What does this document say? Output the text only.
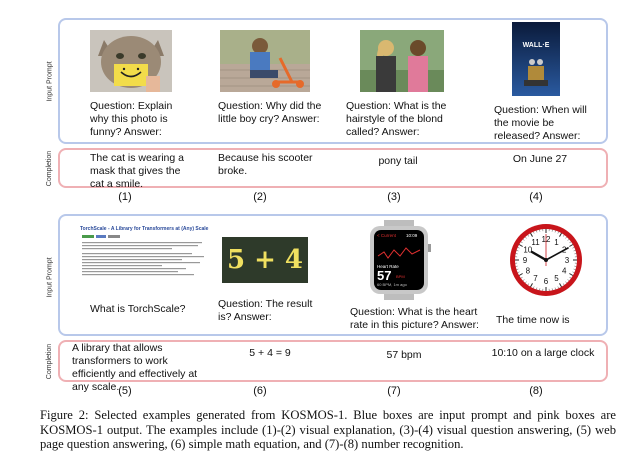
Input Prompt
Completion
Question: Explain why this photo is funny? Answer:
Question: Why did the little boy cry? Answer:
Question: What is the hairstyle of the blond called? Answer:
WALL·E
Question: When will the movie be released? Answer:
The cat is wearing a mask that gives the cat a smile.
Because his scooter broke.
pony tail	On June 27
(1)	(2)	(3)	(4)
Input Prompt
Completion
TorchScale - A Library for Transformers at (Any) Scale
What is TorchScale?
5 + 4
Question: The result is? Answer:
< Current 10:09
Heart Rate
57 BPM
60 BPM, 1m ago
Question: What is the heart rate in this picture? Answer:
12 1
3
4
5
6
7
8
9
10
11
The time now is
A library that allows transformers to work efficiently and effectively at any scale.
5 + 4 = 9	57 bpm	10:10 on a large clock
(5)	(6)	(7)	(8)
Figure 2: Selected examples generated from KOSMOS-1. Blue boxes are input prompt and pink boxes are KOSMOS-1 output. The examples include (1)-(2) visual explanation, (3)-(4) visual question answering, (5) web page question answering, (6) simple math equation, and (7)-(8) number recognition.
